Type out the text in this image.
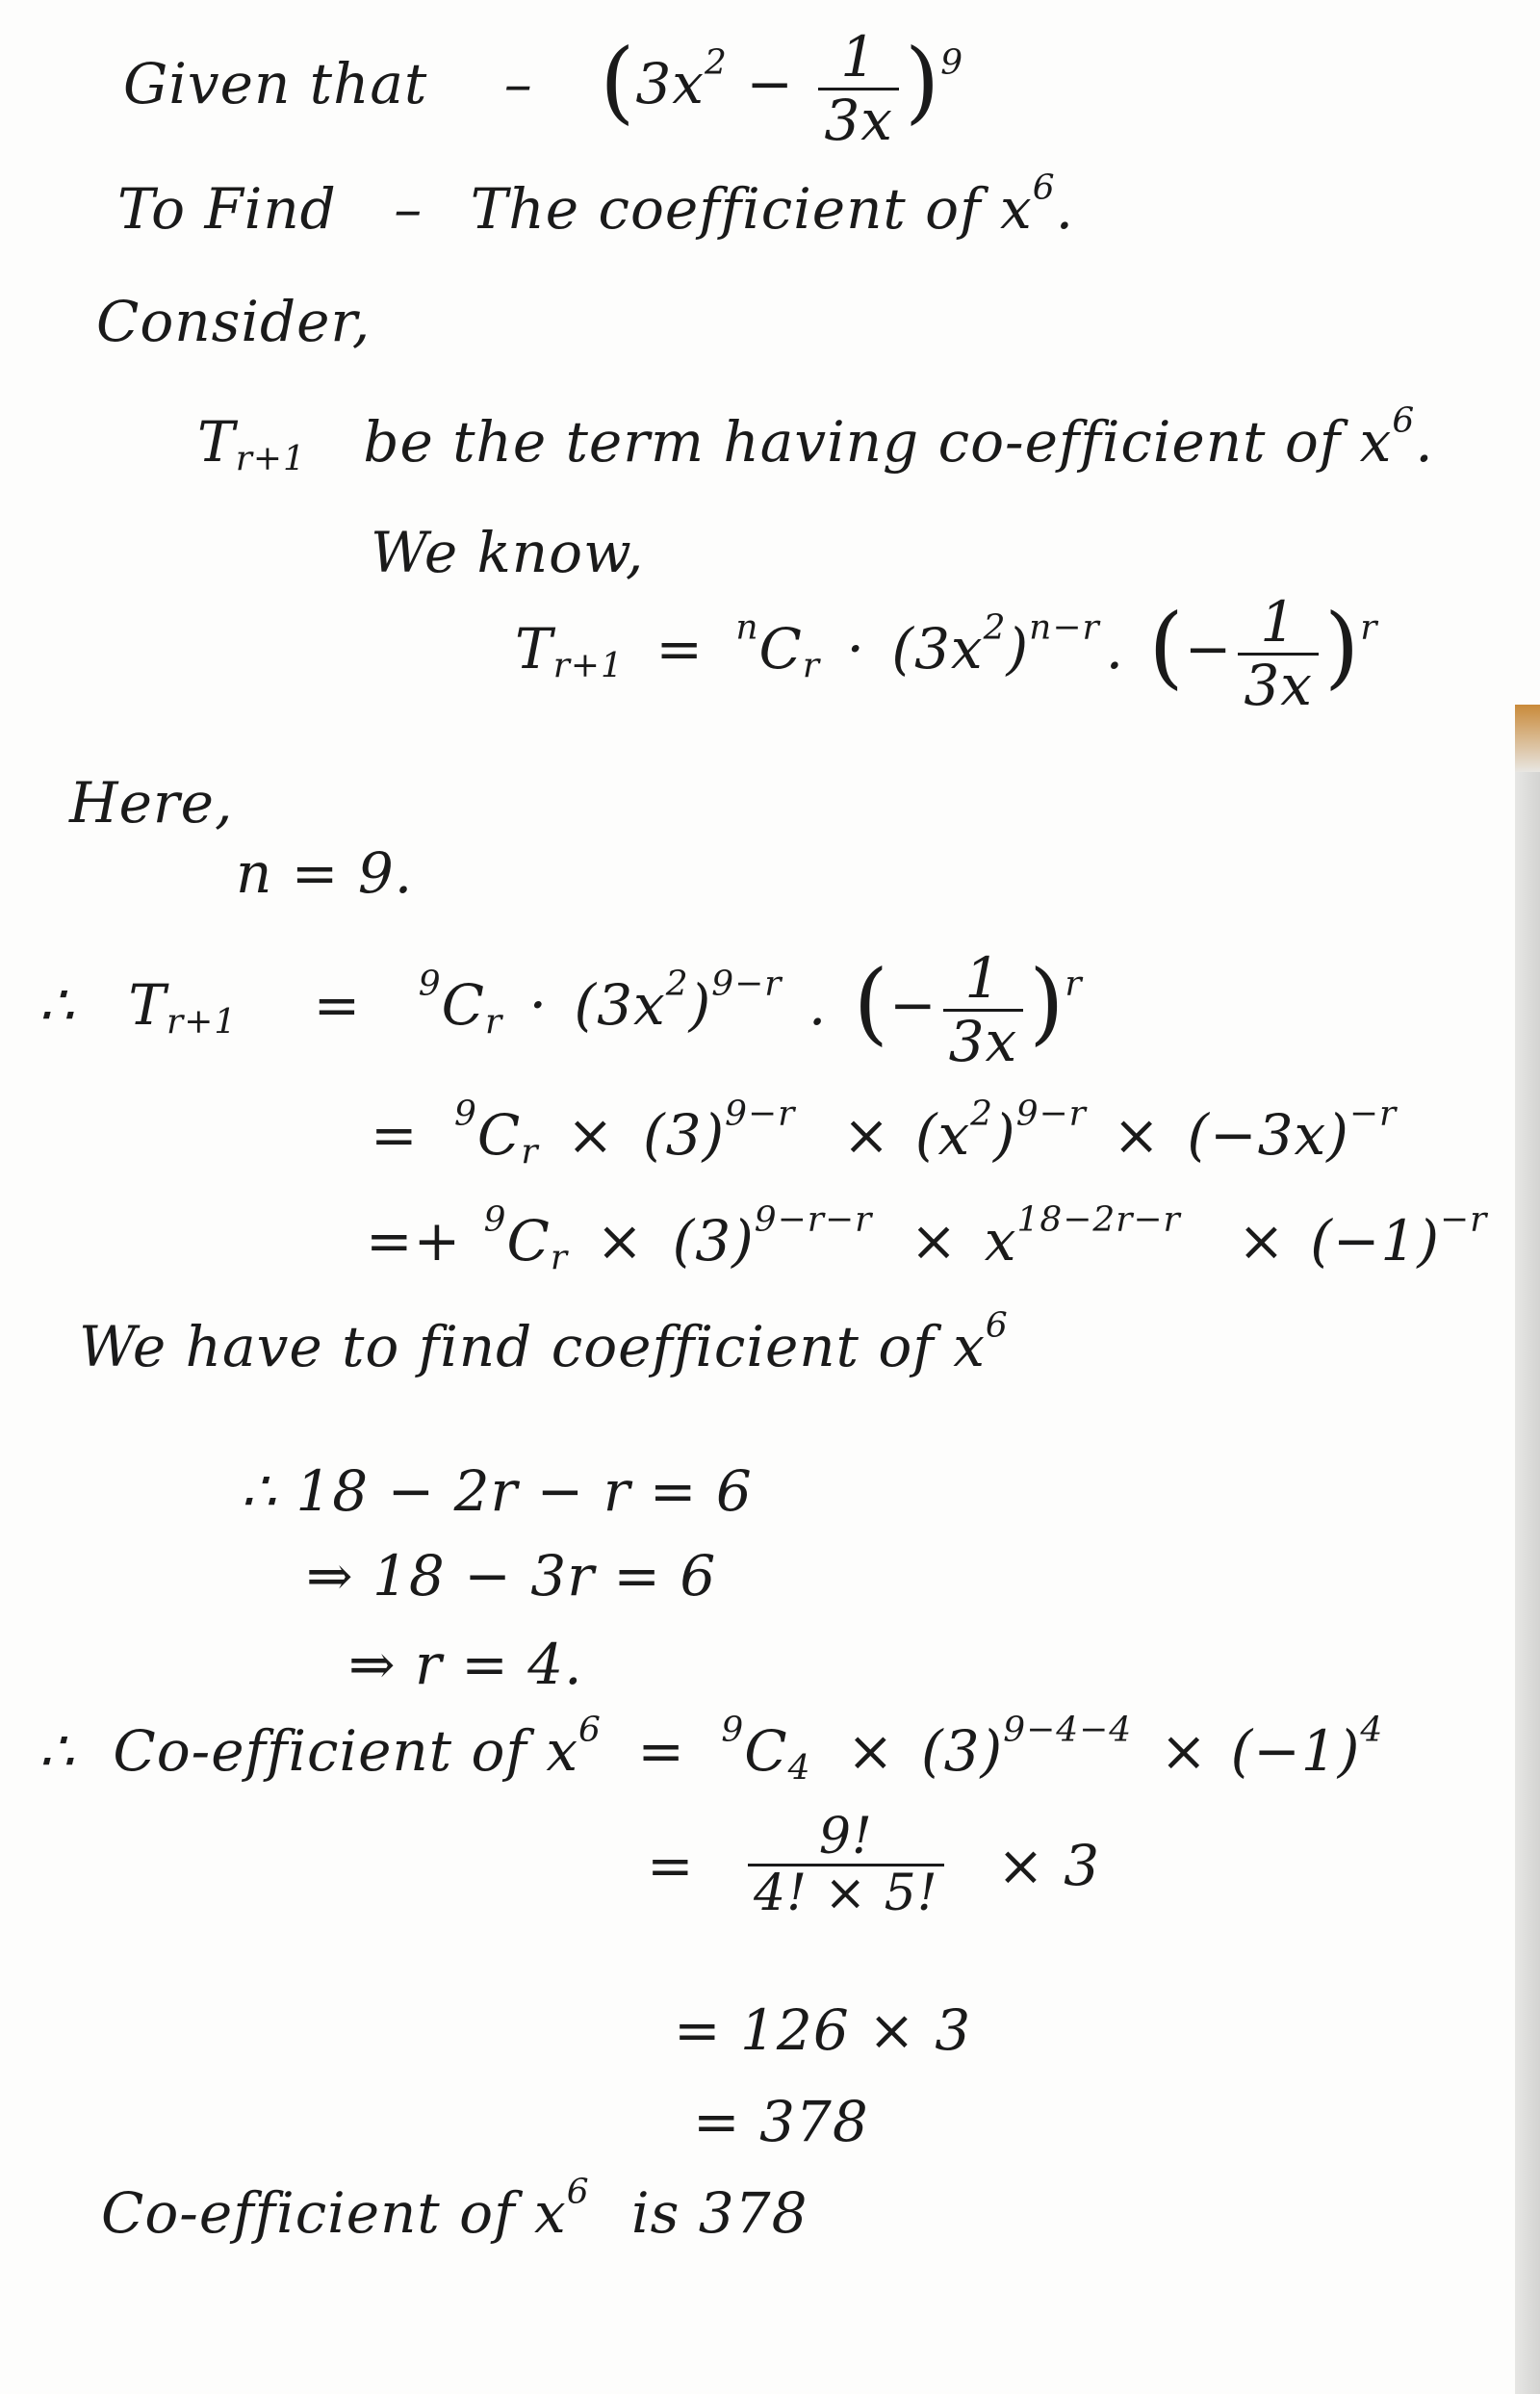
Given that – $(3x^2 - \frac{1}{3x} )^9$
To Find – The coefficient of $x^6$.
Consider,
$T_{r+1}$ be the term having co-efficient of $x^6$.
We know,
$T_{r+1} = ^nC_r \cdot (3x^2)^{n-r}$ . (− $\frac{1}{3x} )^r$
Here,
n = 9.
∴ $T_{r+1} = ^9C_r \cdot (3x^2)^{9-r}$ . (− $\frac{1}{3x} )^r$
= $^9C_r \times (3)^{9-r} \times (x^2)^{9-r} \times (-3x)^{-r}$
=+ $^9C_r \times (3)^{9-r-r} \times x^{18-2r-r} \times (-1)^{-r}$
We have to find coefficient of $x^6$
∴ 18 − 2r − r = 6
⇒ 18 − 3r = 6
⇒ r = 4.
∴ Co-efficient of $x^6 = ^9C_4 \times (3)^{9-4-4} \times (-1)^4$
= $\frac{9!}{4! \times 5!} \times 3$
= 126 × 3
= 378
Co-efficient of $x^6$ is 378
